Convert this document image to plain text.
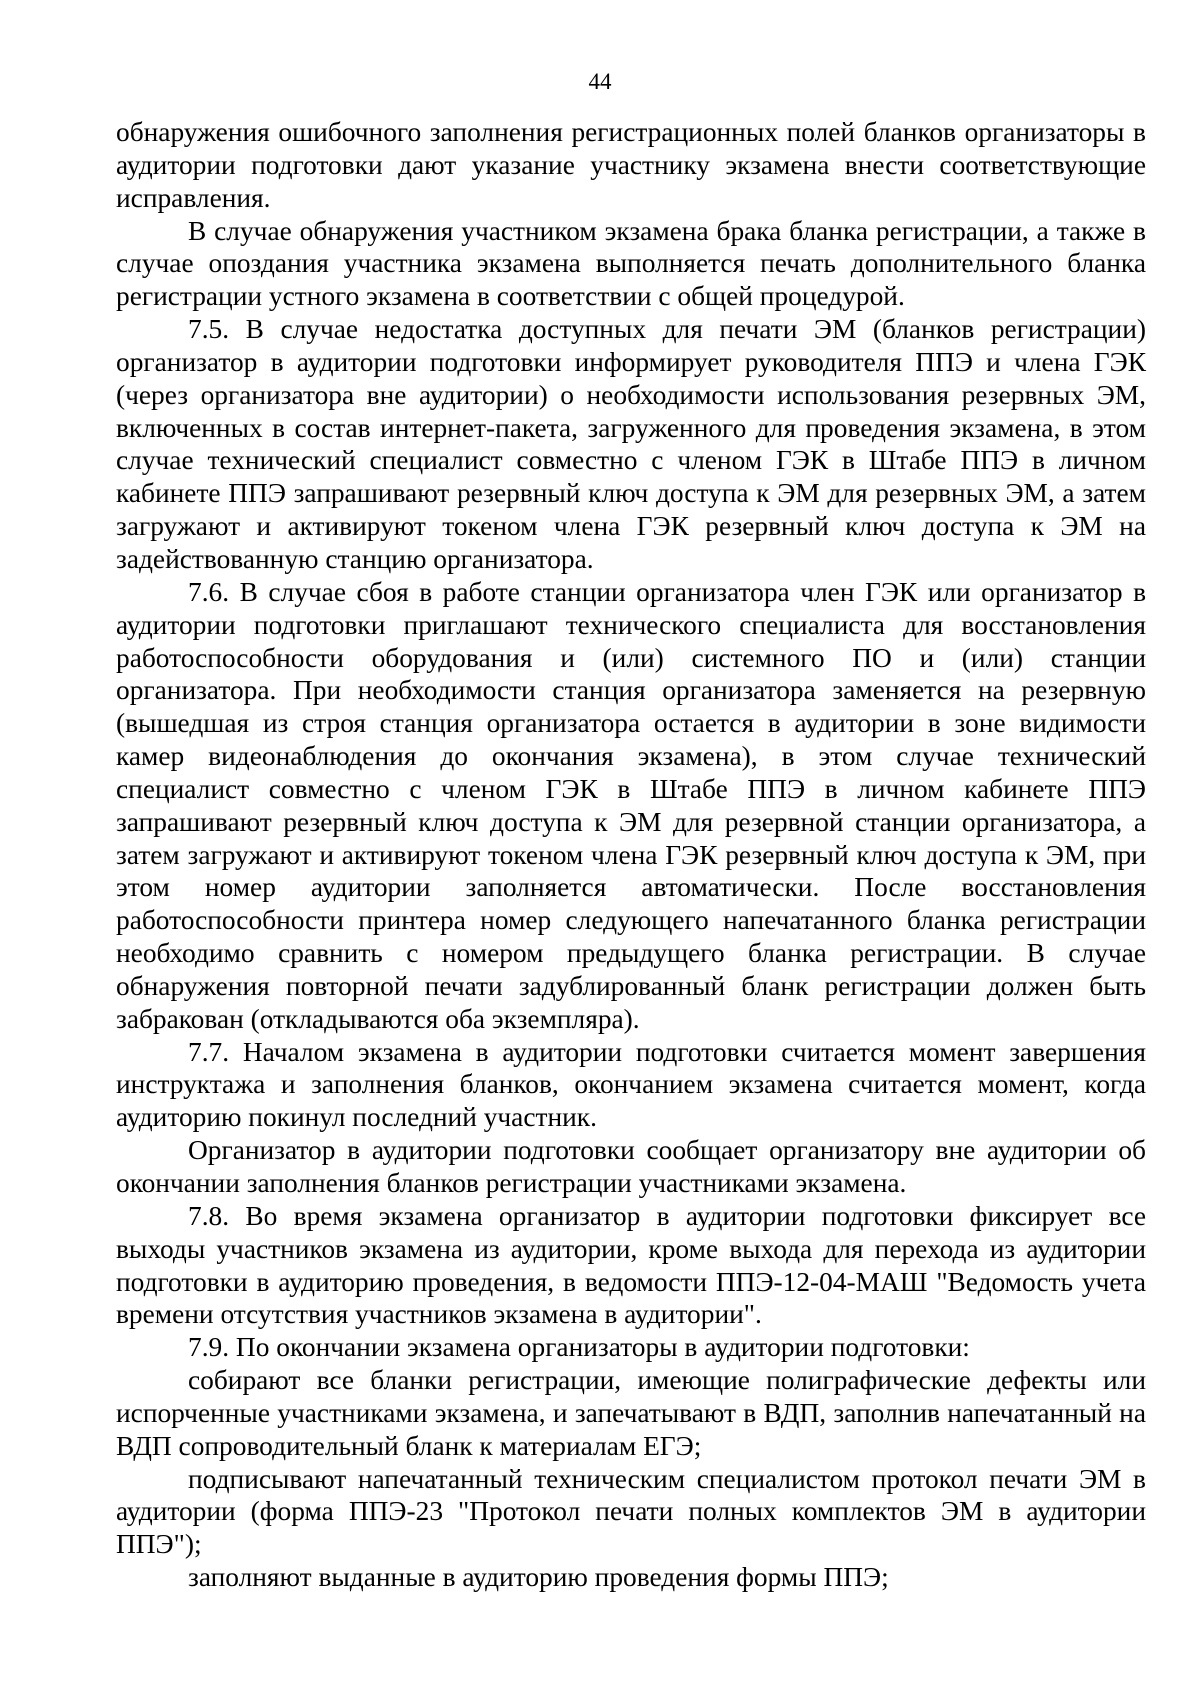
44

обнаружения ошибочного заполнения регистрационных полей бланков организаторы в аудитории подготовки дают указание участнику экзамена внести соответствующие исправления.

В случае обнаружения участником экзамена брака бланка регистрации, а также в случае опоздания участника экзамена выполняется печать дополнительного бланка регистрации устного экзамена в соответствии с общей процедурой.

7.5. В случае недостатка доступных для печати ЭМ (бланков регистрации) организатор в аудитории подготовки информирует руководителя ППЭ и члена ГЭК (через организатора вне аудитории) о необходимости использования резервных ЭМ, включенных в состав интернет-пакета, загруженного для проведения экзамена, в этом случае технический специалист совместно с членом ГЭК в Штабе ППЭ в личном кабинете ППЭ запрашивают резервный ключ доступа к ЭМ для резервных ЭМ, а затем загружают и активируют токеном члена ГЭК резервный ключ доступа к ЭМ на задействованную станцию организатора.

7.6. В случае сбоя в работе станции организатора член ГЭК или организатор в аудитории подготовки приглашают технического специалиста для восстановления работоспособности оборудования и (или) системного ПО и (или) станции организатора. При необходимости станция организатора заменяется на резервную (вышедшая из строя станция организатора остается в аудитории в зоне видимости камер видеонаблюдения до окончания экзамена), в этом случае технический специалист совместно с членом ГЭК в Штабе ППЭ в личном кабинете ППЭ запрашивают резервный ключ доступа к ЭМ для резервной станции организатора, а затем загружают и активируют токеном члена ГЭК резервный ключ доступа к ЭМ, при этом номер аудитории заполняется автоматически. После восстановления работоспособности принтера номер следующего напечатанного бланка регистрации необходимо сравнить с номером предыдущего бланка регистрации. В случае обнаружения повторной печати задублированный бланк регистрации должен быть забракован (откладываются оба экземпляра).

7.7. Началом экзамена в аудитории подготовки считается момент завершения инструктажа и заполнения бланков, окончанием экзамена считается момент, когда аудиторию покинул последний участник.

Организатор в аудитории подготовки сообщает организатору вне аудитории об окончании заполнения бланков регистрации участниками экзамена.

7.8. Во время экзамена организатор в аудитории подготовки фиксирует все выходы участников экзамена из аудитории, кроме выхода для перехода из аудитории подготовки в аудиторию проведения, в ведомости ППЭ-12-04-МАШ "Ведомость учета времени отсутствия участников экзамена в аудитории".

7.9. По окончании экзамена организаторы в аудитории подготовки:

собирают все бланки регистрации, имеющие полиграфические дефекты или испорченные участниками экзамена, и запечатывают в ВДП, заполнив напечатанный на ВДП сопроводительный бланк к материалам ЕГЭ;

подписывают напечатанный техническим специалистом протокол печати ЭМ в аудитории (форма ППЭ-23 "Протокол печати полных комплектов ЭМ в аудитории ППЭ");

заполняют выданные в аудиторию проведения формы ППЭ;
